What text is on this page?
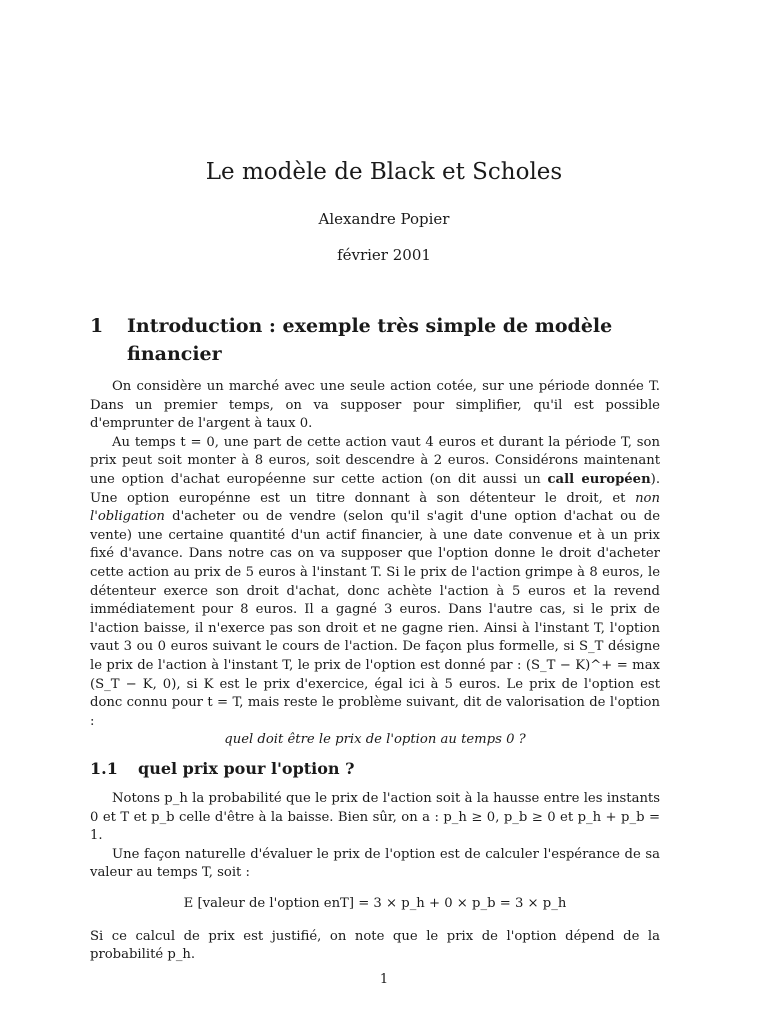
Le modèle de Black et Scholes
Alexandre Popier
février 2001
1	Introduction : exemple très simple de modèle financier

On considère un marché avec une seule action cotée, sur une période donnée T. Dans un premier temps, on va supposer pour simplifier, qu'il est possible d'emprunter de l'argent à taux 0.

Au temps t = 0, une part de cette action vaut 4 euros et durant la période T, son prix peut soit monter à 8 euros, soit descendre à 2 euros. Considérons maintenant une option d'achat européenne sur cette action (on dit aussi un call européen). Une option europénne est un titre donnant à son détenteur le droit, et non l'obligation d'acheter ou de vendre (selon qu'il s'agit d'une option d'achat ou de vente) une certaine quantité d'un actif financier, à une date convenue et à un prix fixé d'avance. Dans notre cas on va supposer que l'option donne le droit d'acheter cette action au prix de 5 euros à l'instant T. Si le prix de l'action grimpe à 8 euros, le détenteur exerce son droit d'achat, donc achète l'action à 5 euros et la revend immédiatement pour 8 euros. Il a gagné 3 euros. Dans l'autre cas, si le prix de l'action baisse, il n'exerce pas son droit et ne gagne rien. Ainsi à l'instant T, l'option vaut 3 ou 0 euros suivant le cours de l'action. De façon plus formelle, si S_T désigne le prix de l'action à l'instant T, le prix de l'option est donné par : (S_T − K)^+ = max (S_T − K, 0), si K est le prix d'exercice, égal ici à 5 euros. Le prix de l'option est donc connu pour t = T, mais reste le problème suivant, dit de valorisation de l'option :

quel doit être le prix de l'option au temps 0 ?

1.1	quel prix pour l'option ?

Notons p_h la probabilité que le prix de l'action soit à la hausse entre les instants 0 et T et p_b celle d'être à la baisse. Bien sûr, on a : p_h ≥ 0, p_b ≥ 0 et p_h + p_b = 1.

Une façon naturelle d'évaluer le prix de l'option est de calculer l'espérance de sa valeur au temps T, soit :

E [valeur de l'option enT] = 3 × p_h + 0 × p_b = 3 × p_h

Si ce calcul de prix est justifié, on note que le prix de l'option dépend de la probabilité p_h.

1
